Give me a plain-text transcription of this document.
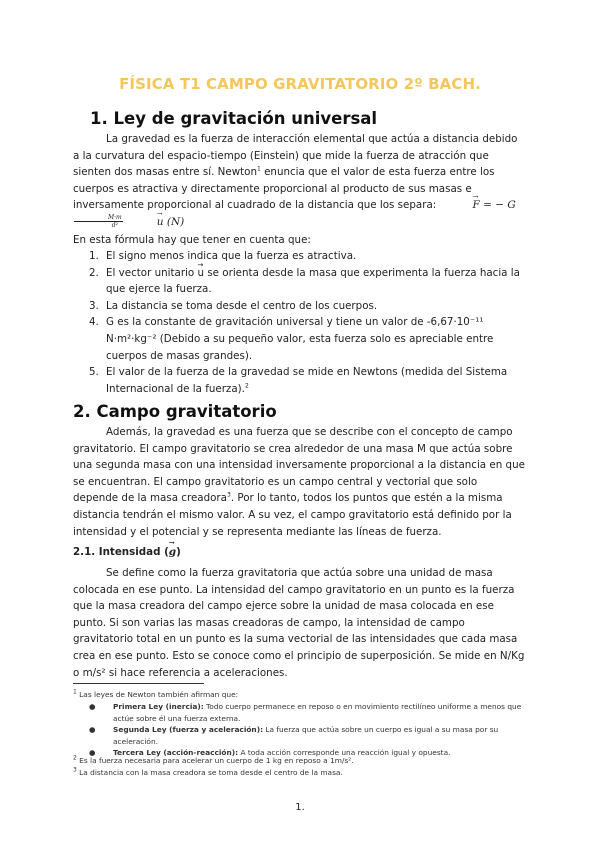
FÍSICA T1 CAMPO GRAVITATORIO 2º BACH.
1. Ley de gravitación universal

La gravedad es la fuerza de interacción elemental que actúa a distancia debido a la curvatura del espacio-tiempo (Einstein) que mide la fuerza de atracción que sienten dos masas entre sí. Newton$^1$ enuncia que el valor de esta fuerza entre los cuerpos es atractiva y directamente proporcional al producto de sus masas e inversamente proporcional al cuadrado de la distancia que los separa:	→ F = − G
$\frac{M\cdot m}{\text{d²}}$	→ u (N)

En esta fórmula hay que tener en cuenta que:

1. El signo menos indica que la fuerza es atractiva.
2. El vector unitario → u se orienta desde la masa que experimenta la fuerza hacia la que ejerce la fuerza.
3. La distancia se toma desde el centro de los cuerpos.
4. G es la constante de gravitación universal y tiene un valor de -6,67·10⁻¹¹ N·m²·kg⁻² (Debido a su pequeño valor, esta fuerza solo es apreciable entre cuerpos de masas grandes).
5. El valor de la fuerza de la gravedad se mide en Newtons (medida del Sistema Internacional de la fuerza).$^2$
2. Campo gravitatorio

Además, la gravedad es una fuerza que se describe con el concepto de campo gravitatorio. El campo gravitatorio se crea alrededor de una masa M que actúa sobre una segunda masa con una intensidad inversamente proporcional a la distancia en que se encuentran. El campo gravitatorio es un campo central y vectorial que solo depende de la masa creadora$^3$. Por lo tanto, todos los puntos que estén a la misma distancia tendrán el mismo valor. A su vez, el campo gravitatorio está definido por la intensidad y el potencial y se representa mediante las líneas de fuerza.

2.1. Intensidad (→ g)

Se define como la fuerza gravitatoria que actúa sobre una unidad de masa colocada en ese punto. La intensidad del campo gravitatorio en un punto es la fuerza que la masa creadora del campo ejerce sobre la unidad de masa colocada en ese punto. Si son varias las masas creadoras de campo, la intensidad de campo gravitatorio total en un punto es la suma vectorial de las intensidades que cada masa crea en ese punto. Esto se conoce como el principio de superposición. Se mide en N/Kg o m/s² si hace referencia a aceleraciones.

$^1$ Las leyes de Newton también afirman que:

● Primera Ley (inercia): Todo cuerpo permanece en reposo o en movimiento rectilíneo uniforme a menos que actúe sobre él una fuerza externa.
● Segunda Ley (fuerza y aceleración): La fuerza que actúa sobre un cuerpo es igual a su masa por su aceleración.
● Tercera Ley (acción-reacción): A toda acción corresponde una reacción igual y opuesta.

$^2$ Es la fuerza necesaria para acelerar un cuerpo de 1 kg en reposo a 1m/s².

$^3$ La distancia con la masa creadora se toma desde el centro de la masa.

1.
